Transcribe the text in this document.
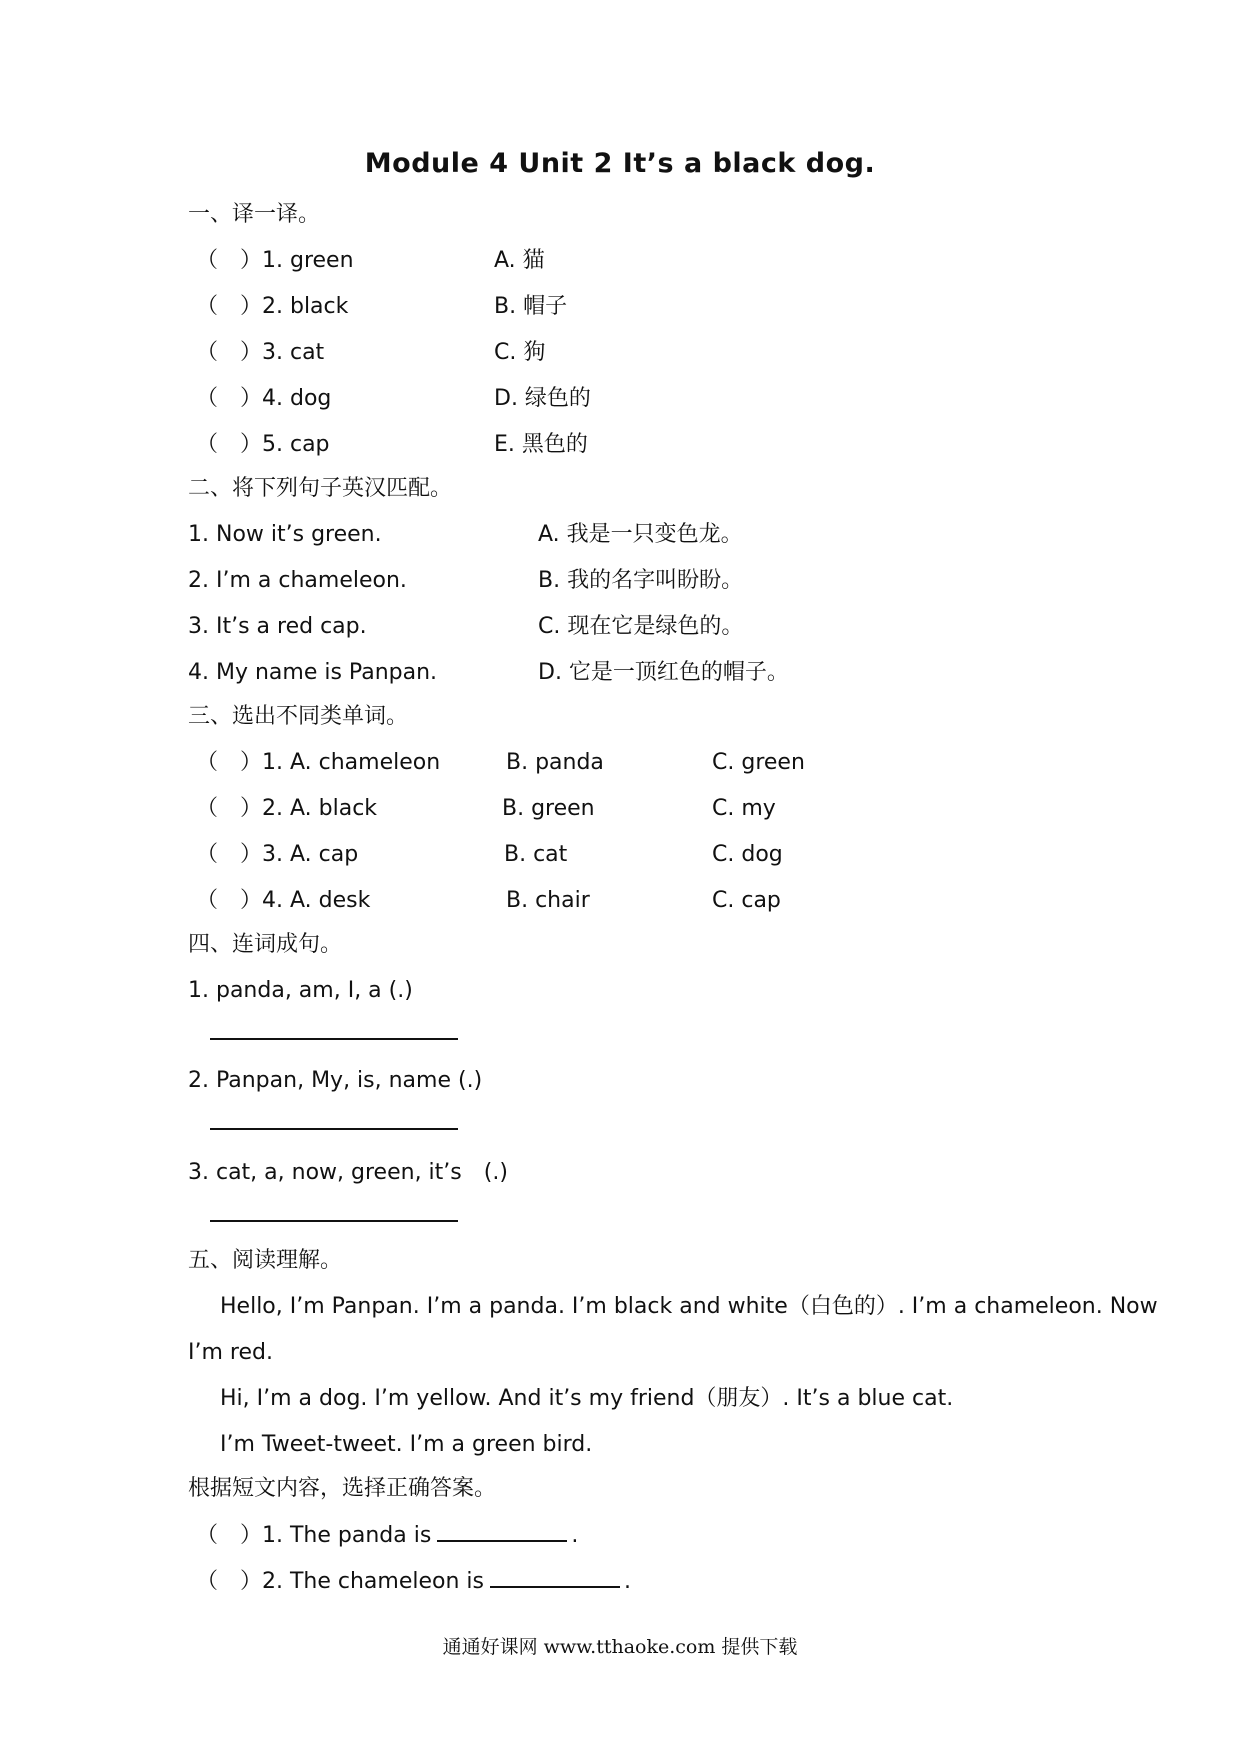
Module 4 Unit 2 It’s a black dog.
一、译一译。
（　）1. green	A. 猫
（　）2. black	B. 帽子
（　）3. cat	C. 狗
（　）4. dog	D. 绿色的
（　）5. cap	E. 黑色的
二、将下列句子英汉匹配。
1. Now it’s green.	A. 我是一只变色龙。
2. I’m a chameleon.	B. 我的名字叫盼盼。
3. It’s a red cap.	C. 现在它是绿色的。
4. My name is Panpan.	D. 它是一顶红色的帽子。
三、选出不同类单词。
（　）1. A. chameleon	B. panda	C. green
（　）2. A. black	B. green	C. my
（　）3. A. cap	B. cat	C. dog
（　）4. A. desk	B. chair	C. cap
四、连词成句。
1. panda, am, I, a (.)
2. Panpan, My, is, name (.)
3. cat, a, now, green, it’s　(.)
五、阅读理解。
Hello, I’m Panpan. I’m a panda. I’m black and white（白色的）. I’m a chameleon. Now
I’m red.
Hi, I’m a dog. I’m yellow. And it’s my friend（朋友）. It’s a blue cat.
I’m Tweet-tweet. I’m a green bird.
根据短文内容，选择正确答案。
（　）1. The panda is	.
（　）2. The chameleon is	.
通通好课网 www.tthaoke.com 提供下载
